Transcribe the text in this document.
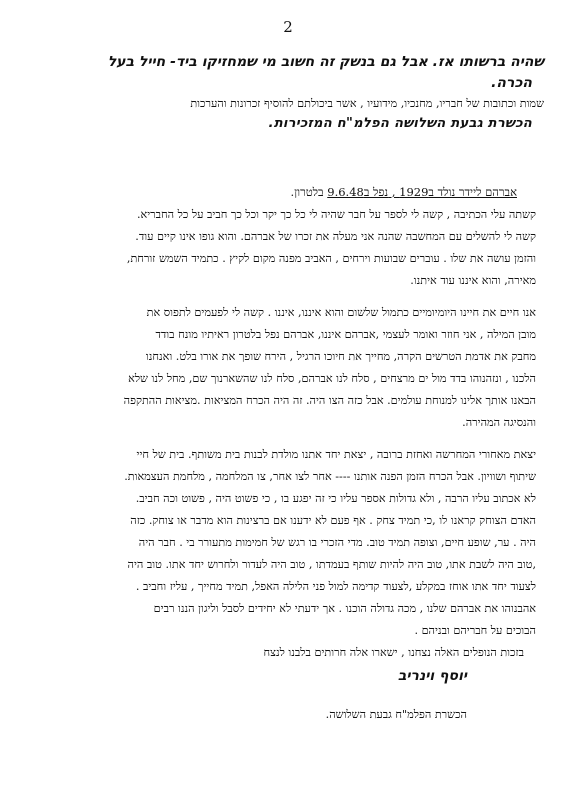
2
שהיה ברשותו אז. אבל גם בנשק זה חשוב מי שמחזיקו ביד- חייל בעל
הכרה.
שמות וכתובות של חבריו, מחנכיו, מידועיו , אשר ביכולתם להוסיף זכרונות והערכות
הכשרת גבעת השלושה הפלמ"ח המזכירות.
אברהם ליידר נולד ב1929 , נפל ב9.6.48 בלטרון.
קשתה עלי הכתיבה , קשה לי לספר על חבר שהיה לי כל כך יקר וכל כך חביב על כל החבריא.
קשה לי להשלים עם המחשבה שהנה אני מעלה את זכרו של אברהם. והוא גופו אינו קיים עוד.
והזמן עושה את שלו . עוברים שבועות וירחים , האביב מפנה מקום לקיץ . כתמיד השמש זורחת,
מאירה, והוא איננו עוד איתנו.
אנו חיים את חיינו היומיומיים כתמול שלשום והוא איננו, איננו . קשה לי לפעמים לתפוס את
מובן המילה , אני חוזר ואומר לעצמי ,אברהם איננו, אברהם נפל בלטרון ראיתיו מונח בודד
מחבק את אדמת הטרשים הקרה, מחייך את חיוכו הרגיל , הירח שופך את אורו בלט. ואנחנו
הלכנו , ונזהנוהו בדד מול ים מרצחים , סלח לנו אברהם, סלח לנו שהשארנוך שם, מחל לנו שלא
הבאנו אותך אלינו למנוחת עולמים. אבל כזה הצו היה. זה היה הכרח המציאות .מציאות ההתקפה
והנסיגה המהירה.
יצאת מאחורי המחרשה ואחזת ברובה , יצאת יחד אתנו מולדת לבנות בית משותף. בית של חיי
שיתוף ושוויון. אבל הכרח הזמן הפנה אותנו ---- אחר לצו אחר, צו המלחמה , מלחמת העצמאות.
לא אכתוב עליו הרבה , ולא גדולות אספר עליו כי זה יפגע בו , כי פשוט היה , פשוט וכה חביב.
האדם הצוחק קראנו לו ,כי תמיד צחק . אף פעם לא ידענו אם ברצינות הוא מדבר או צוחק. כזה
היה . ער, שופע חיים, וצופה תמיד טוב. מדי הזכרי בו רגש של חמימות מתעורר בי . חבר היה
,טוב היה לשבת אתו, טוב היה להיות שותף בעמדתו , טוב היה לעדור ולחרוש יחד אתו. טוב היה
לצעוד יחד אתו אוחז במקלע ,לצעוד קדימה למול פני הלילה האפל, תמיד מחייך , עליז וחביב .
אהבנוהו את אברהם שלנו , מכה גדולה הוכנו . אך ידעתי לא יחידים לסבל וליגון הננו רבים
הבוכים על חבריהם ובניהם .
בזכות הנופלים האלה נצחנו , ישארו אלה חרותים בלבנו לנצח
יוסף וינריב
הכשרת הפלמ"ח גבעת השלושה.
